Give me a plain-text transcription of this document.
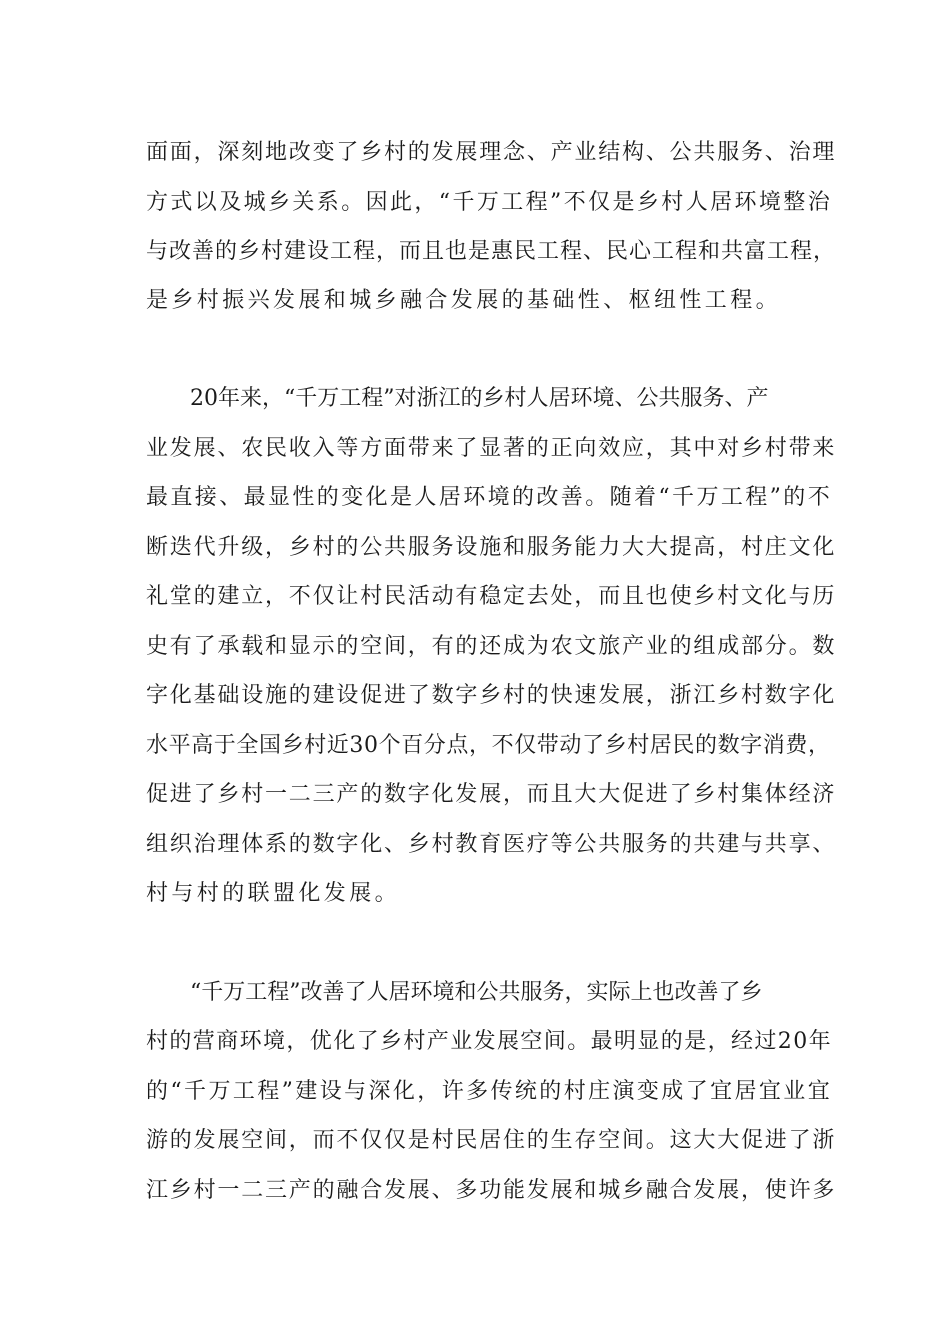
面面，深刻地改变了乡村的发展理念、产业结构、公共服务、治理
方式以及城乡关系。因此，“千万工程”不仅是乡村人居环境整治
与改善的乡村建设工程，而且也是惠民工程、民心工程和共富工程，
是乡村振兴发展和城乡融合发展的基础性、枢纽性工程。
20年来，“千万工程”对浙江的乡村人居环境、公共服务、产
业发展、农民收入等方面带来了显著的正向效应，其中对乡村带来
最直接、最显性的变化是人居环境的改善。随着“千万工程”的不
断迭代升级，乡村的公共服务设施和服务能力大大提高，村庄文化
礼堂的建立，不仅让村民活动有稳定去处，而且也使乡村文化与历
史有了承载和显示的空间，有的还成为农文旅产业的组成部分。数
字化基础设施的建设促进了数字乡村的快速发展，浙江乡村数字化
水平高于全国乡村近30个百分点，不仅带动了乡村居民的数字消费，
促进了乡村一二三产的数字化发展，而且大大促进了乡村集体经济
组织治理体系的数字化、乡村教育医疗等公共服务的共建与共享、
村与村的联盟化发展。
“千万工程”改善了人居环境和公共服务，实际上也改善了乡
村的营商环境，优化了乡村产业发展空间。最明显的是，经过20年
的“千万工程”建设与深化，许多传统的村庄演变成了宜居宜业宜
游的发展空间，而不仅仅是村民居住的生存空间。这大大促进了浙
江乡村一二三产的融合发展、多功能发展和城乡融合发展，使许多
